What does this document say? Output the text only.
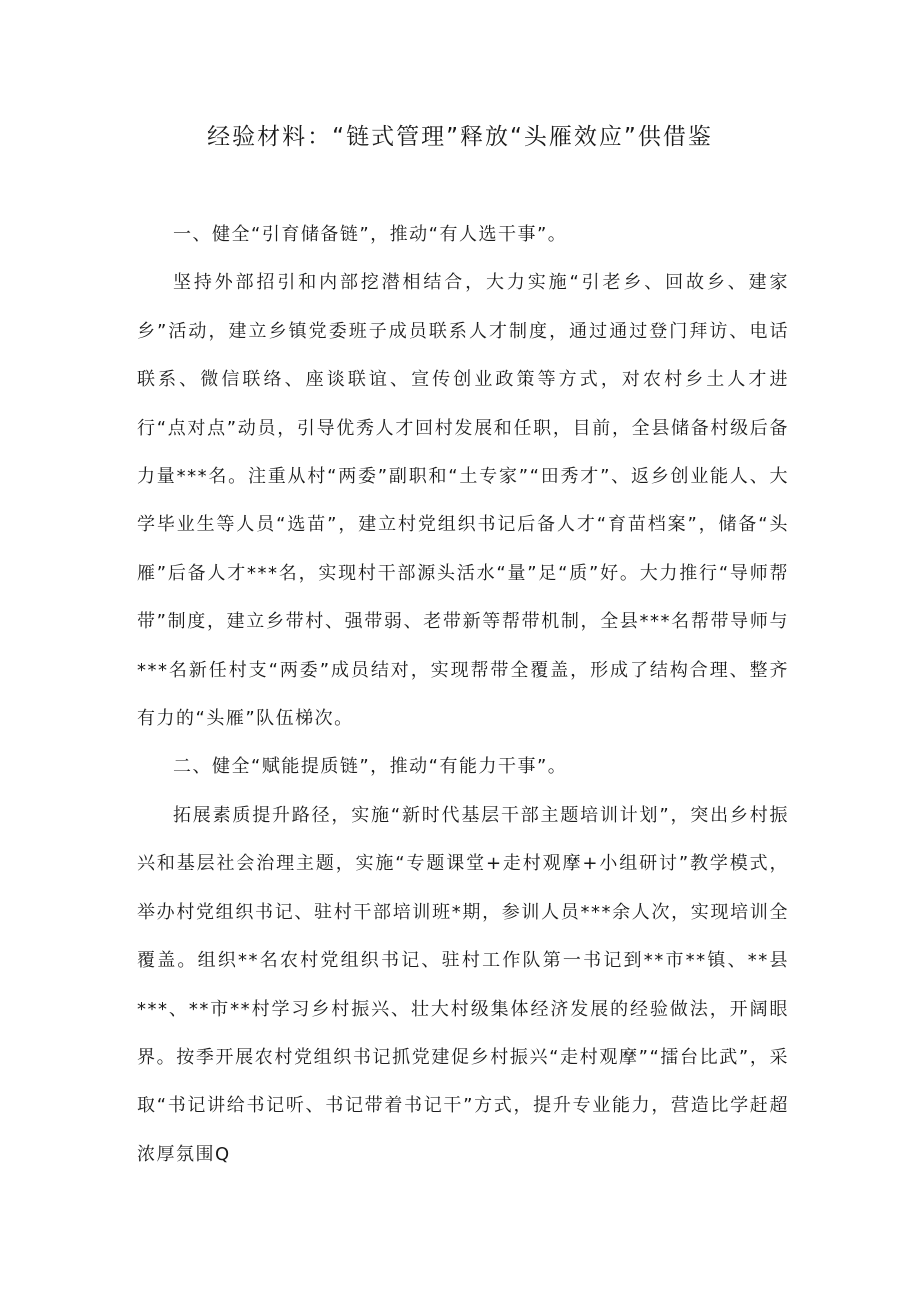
经验材料：“链式管理”释放“头雁效应”供借鉴

一、健全“引育储备链”，推动“有人选干事”。

坚持外部招引和内部挖潜相结合，大力实施“引老乡、回故乡、建家乡”活动，建立乡镇党委班子成员联系人才制度，通过通过登门拜访、电话联系、微信联络、座谈联谊、宣传创业政策等方式，对农村乡土人才进行“点对点”动员，引导优秀人才回村发展和任职，目前，全县储备村级后备力量***名。注重从村“两委”副职和“土专家”“田秀才”、返乡创业能人、大学毕业生等人员“选苗”，建立村党组织书记后备人才“育苗档案”，储备“头雁”后备人才***名，实现村干部源头活水“量”足“质”好。大力推行“导师帮带”制度，建立乡带村、强带弱、老带新等帮带机制，全县***名帮带导师与***名新任村支“两委”成员结对，实现帮带全覆盖，形成了结构合理、整齐有力的“头雁”队伍梯次。

二、健全“赋能提质链”，推动“有能力干事”。

拓展素质提升路径，实施“新时代基层干部主题培训计划”，突出乡村振兴和基层社会治理主题，实施“专题课堂+走村观摩+小组研讨”教学模式，举办村党组织书记、驻村干部培训班*期，参训人员***余人次，实现培训全覆盖。组织**名农村党组织书记、驻村工作队第一书记到**市**镇、**县***、**市**村学习乡村振兴、壮大村级集体经济发展的经验做法，开阔眼界。按季开展农村党组织书记抓党建促乡村振兴“走村观摩”“擂台比武”，采取“书记讲给书记听、书记带着书记干”方式，提升专业能力，营造比学赶超浓厚氛围Q
